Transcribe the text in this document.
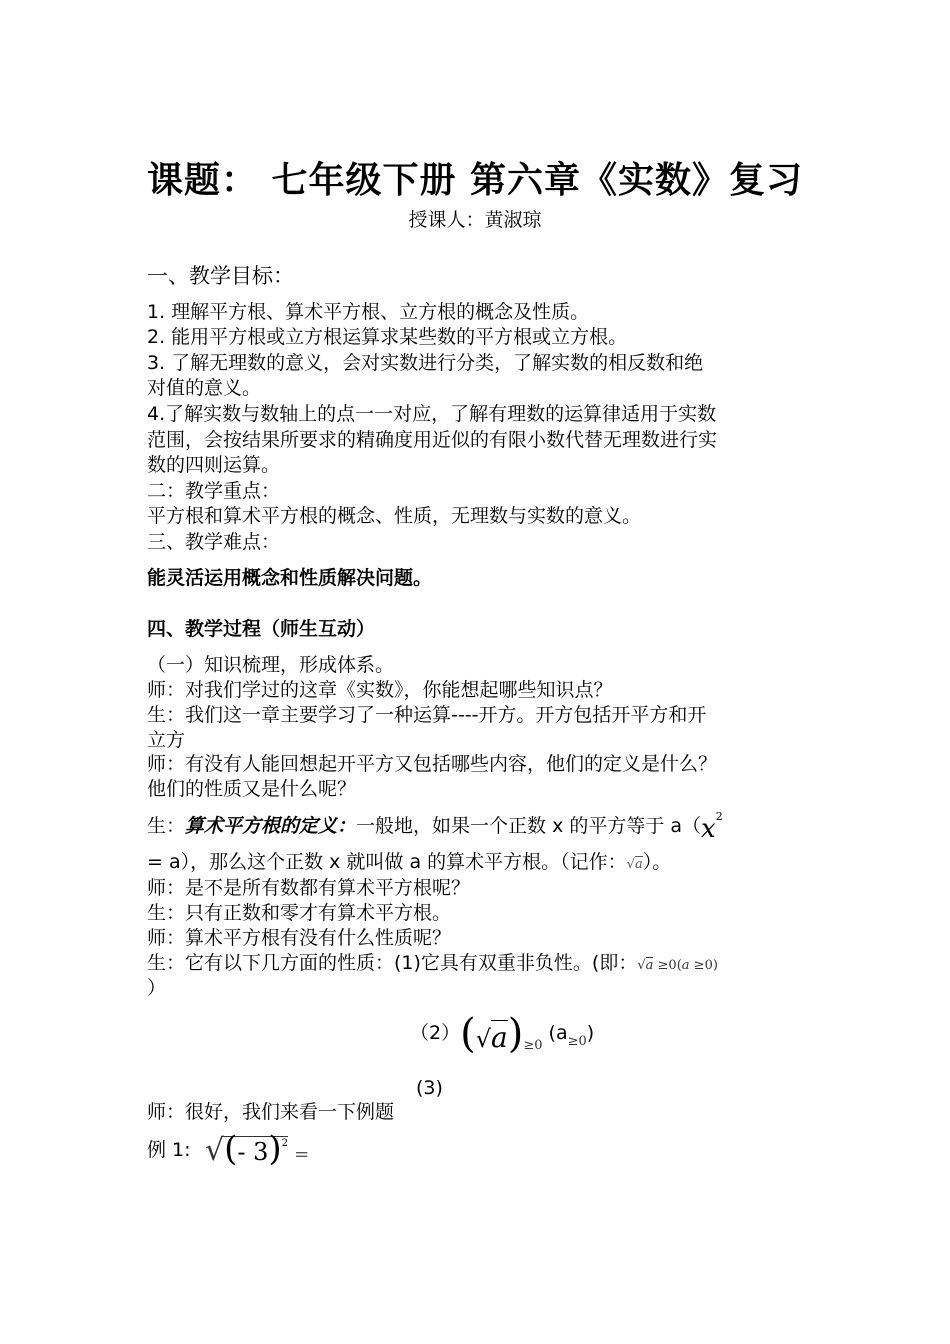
课题： 七年级下册 第六章《实数》复习
授课人：黄淑琼
一、教学目标：
1. 理解平方根、算术平方根、立方根的概念及性质。
2. 能用平方根或立方根运算求某些数的平方根或立方根。
3. 了解无理数的意义，会对实数进行分类，了解实数的相反数和绝
对值的意义。
4.了解实数与数轴上的点一一对应，了解有理数的运算律适用于实数
范围，会按结果所要求的精确度用近似的有限小数代替无理数进行实
数的四则运算。
二：教学重点：
平方根和算术平方根的概念、性质，无理数与实数的意义。
三、教学难点：
能灵活运用概念和性质解决问题。
四、教学过程（师生互动）
（一）知识梳理，形成体系。
师：对我们学过的这章《实数》，你能想起哪些知识点？
生：我们这一章主要学习了一种运算----开方。开方包括开平方和开
立方
师：有没有人能回想起开平方又包括哪些内容，他们的定义是什么？
他们的性质又是什么呢？
生：算术平方根的定义：一般地，如果一个正数 x 的平方等于 $a(x^2$
= a），那么这个正数 x 就叫做 a 的算术平方根。（记作：√a）。
师：是不是所有数都有算术平方根呢？
生：只有正数和零才有算术平方根。
师：算术平方根有没有什么性质呢？
生：它有以下几方面的性质：(1)它具有双重非负性。(即：√a ≥0(a ≥0)
）
$(2)(√a)_{\ge 0}$ $(a_{\ge 0})$
(3)
师：很好，我们来看一下例题
例 1: √(- 3)$^2$ =
